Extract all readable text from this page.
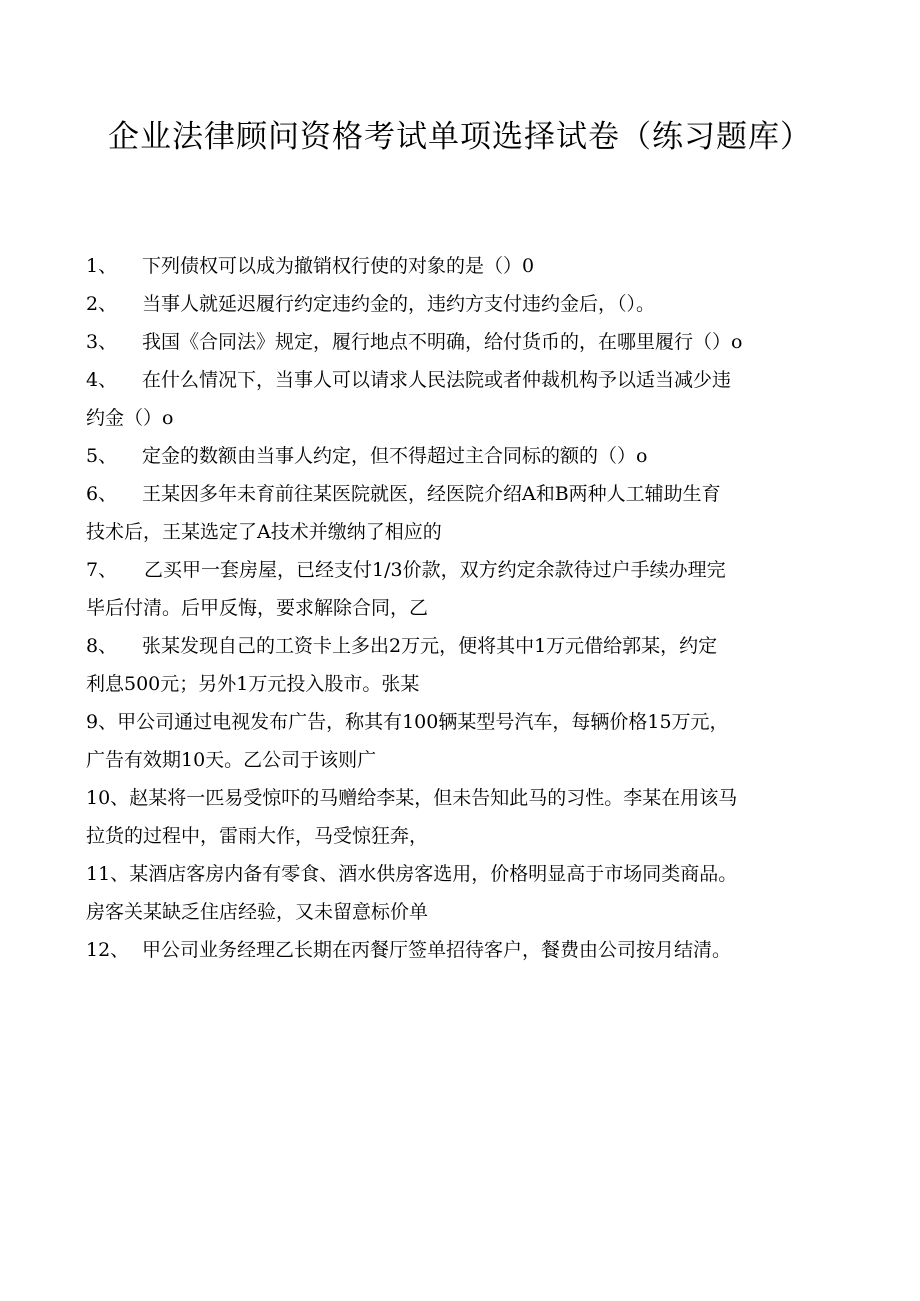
企业法律顾问资格考试单项选择试卷（练习题库）
1、 下列债权可以成为撤销权行使的对象的是（）0
2、 当事人就延迟履行约定违约金的，违约方支付违约金后，（）。
3、 我国《合同法》规定，履行地点不明确，给付货币的，在哪里履行（）o
4、 在什么情况下，当事人可以请求人民法院或者仲裁机构予以适当减少违
约金（）o
5、 定金的数额由当事人约定，但不得超过主合同标的额的（）o
6、 王某因多年未育前往某医院就医，经医院介绍A和B两种人工辅助生育
技术后，王某选定了A技术并缴纳了相应的
7、 乙买甲一套房屋，已经支付1/3价款，双方约定余款待过户手续办理完
毕后付清。后甲反悔，要求解除合同，乙
8、 张某发现自己的工资卡上多出2万元，便将其中1万元借给郭某，约定
利息500元；另外1万元投入股市。张某
9、甲公司通过电视发布广告，称其有100辆某型号汽车，每辆价格15万元，
广告有效期10天。乙公司于该则广
10、赵某将一匹易受惊吓的马赠给李某，但未告知此马的习性。李某在用该马
拉货的过程中，雷雨大作，马受惊狂奔，
11、某酒店客房内备有零食、酒水供房客选用，价格明显高于市场同类商品。
房客关某缺乏住店经验，又未留意标价单
12、 甲公司业务经理乙长期在丙餐厅签单招待客户，餐费由公司按月结清。
